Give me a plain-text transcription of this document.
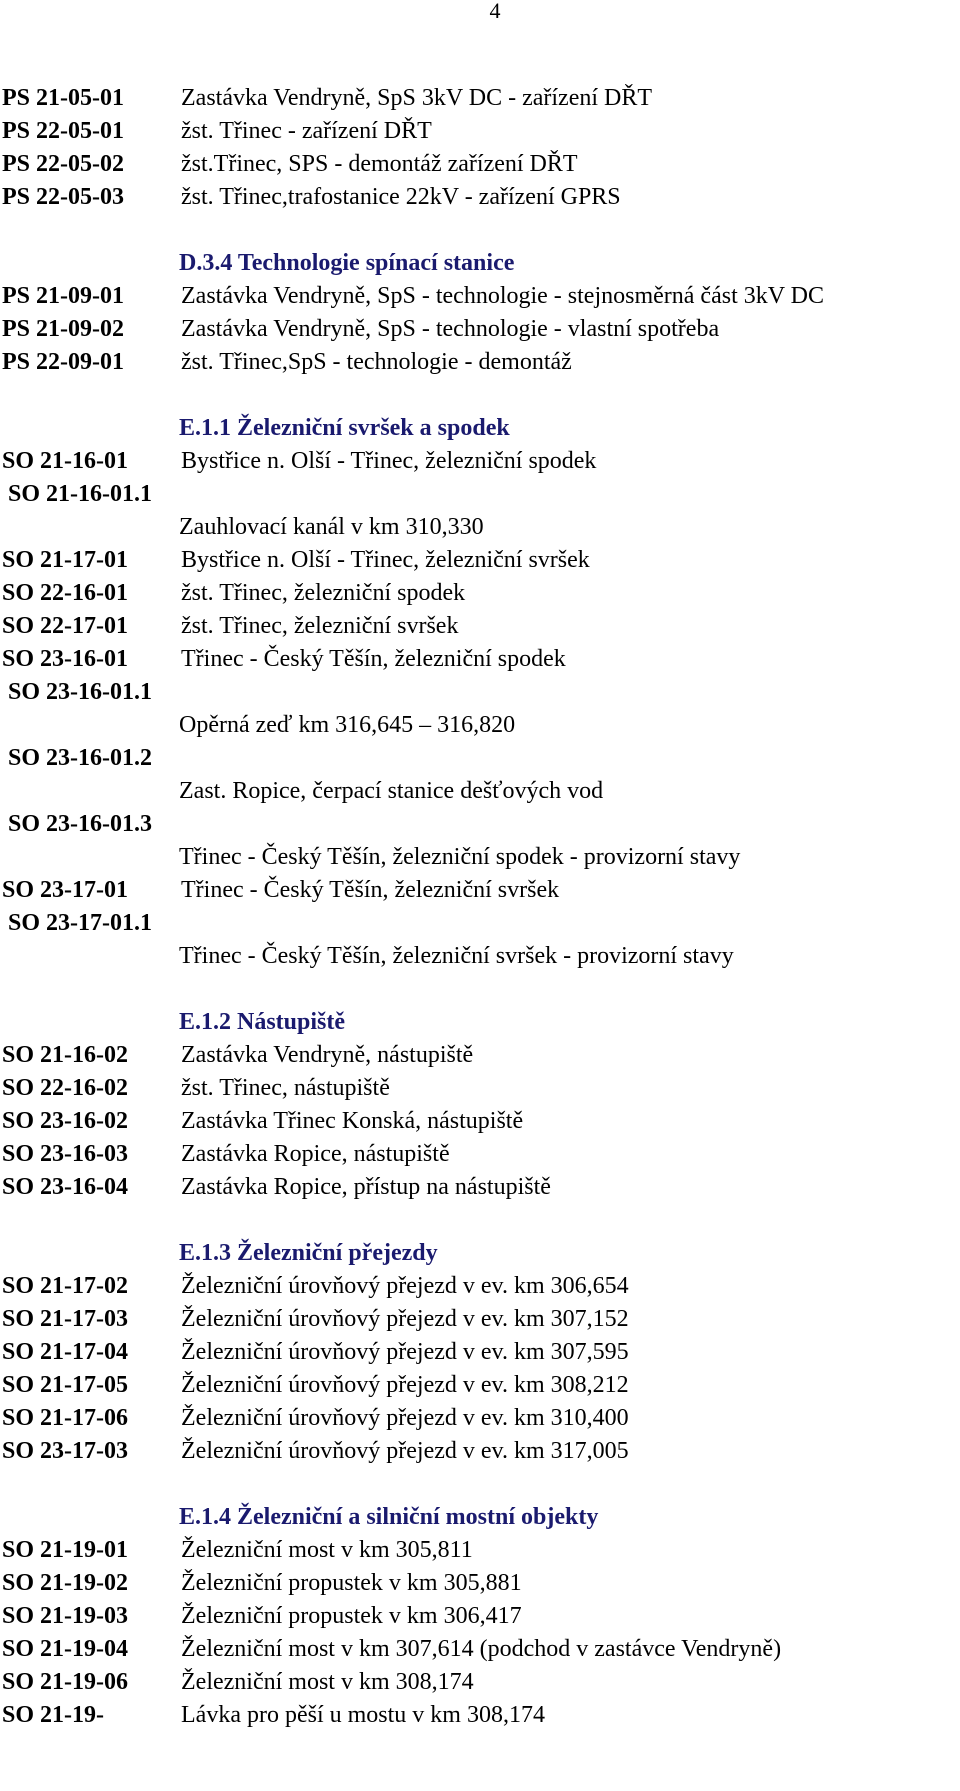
4
PS 21-05-01	Zastávka Vendryně, SpS 3kV DC - zařízení DŘT
PS 22-05-01	žst. Třinec - zařízení DŘT
PS 22-05-02	žst.Třinec, SPS - demontáž zařízení DŘT
PS 22-05-03	žst. Třinec,trafostanice 22kV - zařízení GPRS
D.3.4 Technologie spínací stanice
PS 21-09-01	Zastávka Vendryně, SpS - technologie - stejnosměrná část 3kV DC
PS 21-09-02	Zastávka Vendryně, SpS - technologie - vlastní spotřeba
PS 22-09-01	žst. Třinec,SpS - technologie - demontáž
E.1.1 Železniční svršek a spodek
SO 21-16-01	Bystřice n. Olší - Třinec, železniční spodek
SO 21-16-01.1
Zauhlovací kanál v km 310,330
SO 21-17-01	Bystřice n. Olší - Třinec, železniční svršek
SO 22-16-01	žst. Třinec, železniční spodek
SO 22-17-01	žst. Třinec, železniční svršek
SO 23-16-01	Třinec - Český Těšín, železniční spodek
SO 23-16-01.1
Opěrná zeď km 316,645 – 316,820
SO 23-16-01.2
Zast. Ropice, čerpací stanice dešťových vod
SO 23-16-01.3
Třinec - Český Těšín, železniční spodek - provizorní stavy
SO 23-17-01	Třinec - Český Těšín, železniční svršek
SO 23-17-01.1
Třinec - Český Těšín, železniční svršek - provizorní stavy
E.1.2 Nástupiště
SO 21-16-02	Zastávka Vendryně, nástupiště
SO 22-16-02	žst. Třinec, nástupiště
SO 23-16-02	Zastávka Třinec Konská, nástupiště
SO 23-16-03	Zastávka Ropice, nástupiště
SO 23-16-04	Zastávka Ropice, přístup na nástupiště
E.1.3 Železniční přejezdy
SO 21-17-02	Železniční úrovňový přejezd v ev. km 306,654
SO 21-17-03	Železniční úrovňový přejezd v ev. km 307,152
SO 21-17-04	Železniční úrovňový přejezd v ev. km 307,595
SO 21-17-05	Železniční úrovňový přejezd v ev. km 308,212
SO 21-17-06	Železniční úrovňový přejezd v ev. km 310,400
SO 23-17-03	Železniční úrovňový přejezd v ev. km 317,005
E.1.4 Železniční a silniční mostní objekty
SO 21-19-01	Železniční most v km 305,811
SO 21-19-02	Železniční propustek v km 305,881
SO 21-19-03	Železniční propustek v km 306,417
SO 21-19-04	Železniční most v km 307,614 (podchod v zastávce Vendryně)
SO 21-19-06	Železniční most v km 308,174
SO 21-19-	Lávka pro pěší u mostu v km 308,174
